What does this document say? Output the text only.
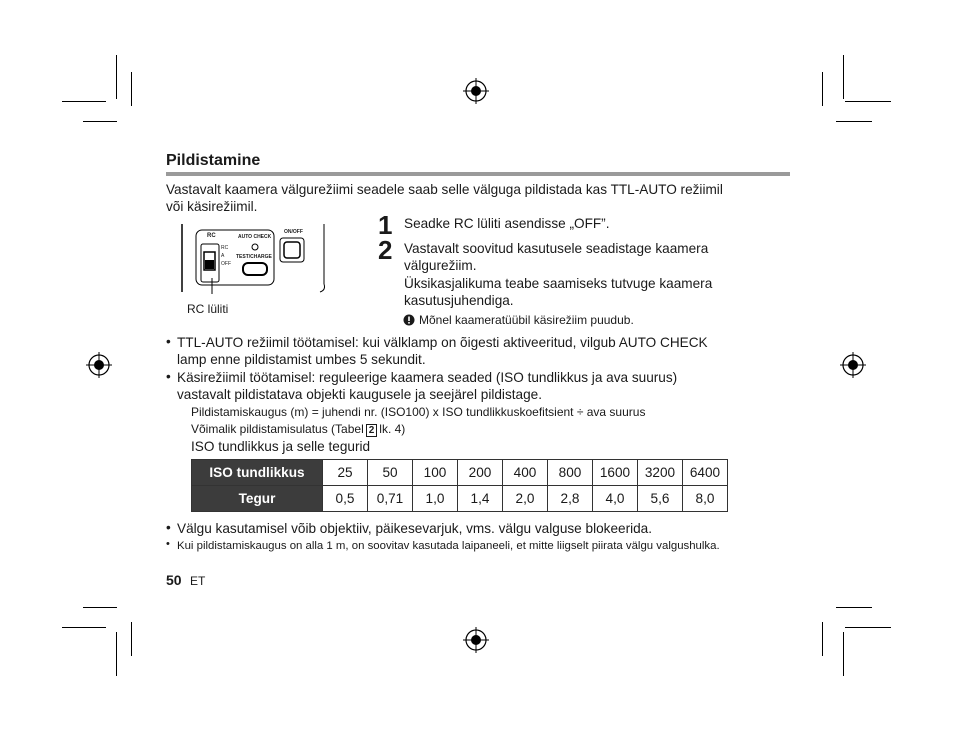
Pildistamine
Vastavalt kaamera välgurežiimi seadele saab selle välguga pildistada kas TTL-AUTO režiimil
või käsirežiimil.
RC	AUTO CHECK
ON/OFF
TEST/CHARGE
RC
A
OFF
RC lüliti
1 Seadke RC lüliti asendisse „OFF”.
2 Vastavalt soovitud kasutusele seadistage kaamera
välgurežiim.
Üksikasjalikuma teabe saamiseks tutvuge kaamera
kasutusjuhendiga.
Mõnel kaameratüübil käsirežiim puudub.
• TTL-AUTO režiimil töötamisel: kui välklamp on õigesti aktiveeritud, vilgub AUTO CHECK
lamp enne pildistamist umbes 5 sekundit.
• Käsirežiimil töötamisel: reguleerige kaamera seaded (ISO tundlikkus ja ava suurus)
vastavalt pildistatava objekti kaugusele ja seejärel pildistage.
Pildistamiskaugus (m) = juhendi nr. (ISO100) x ISO tundlikkuskoefitsient ÷ ava suurus
Võimalik pildistamisulatus (Tabel 2 lk. 4)
ISO tundlikkus ja selle tegurid
ISO tundlikkus	25	50	100	200	400	800	1600	3200	6400
Tegur	0,5	0,71	1,0	1,4	2,0	2,8	4,0	5,6	8,0
• Välgu kasutamisel võib objektiiv, päikesevarjuk, vms. välgu valguse blokeerida.
• Kui pildistamiskaugus on alla 1 m, on soovitav kasutada laipaneeli, et mitte liigselt piirata välgu valgushulka.
50 ET
